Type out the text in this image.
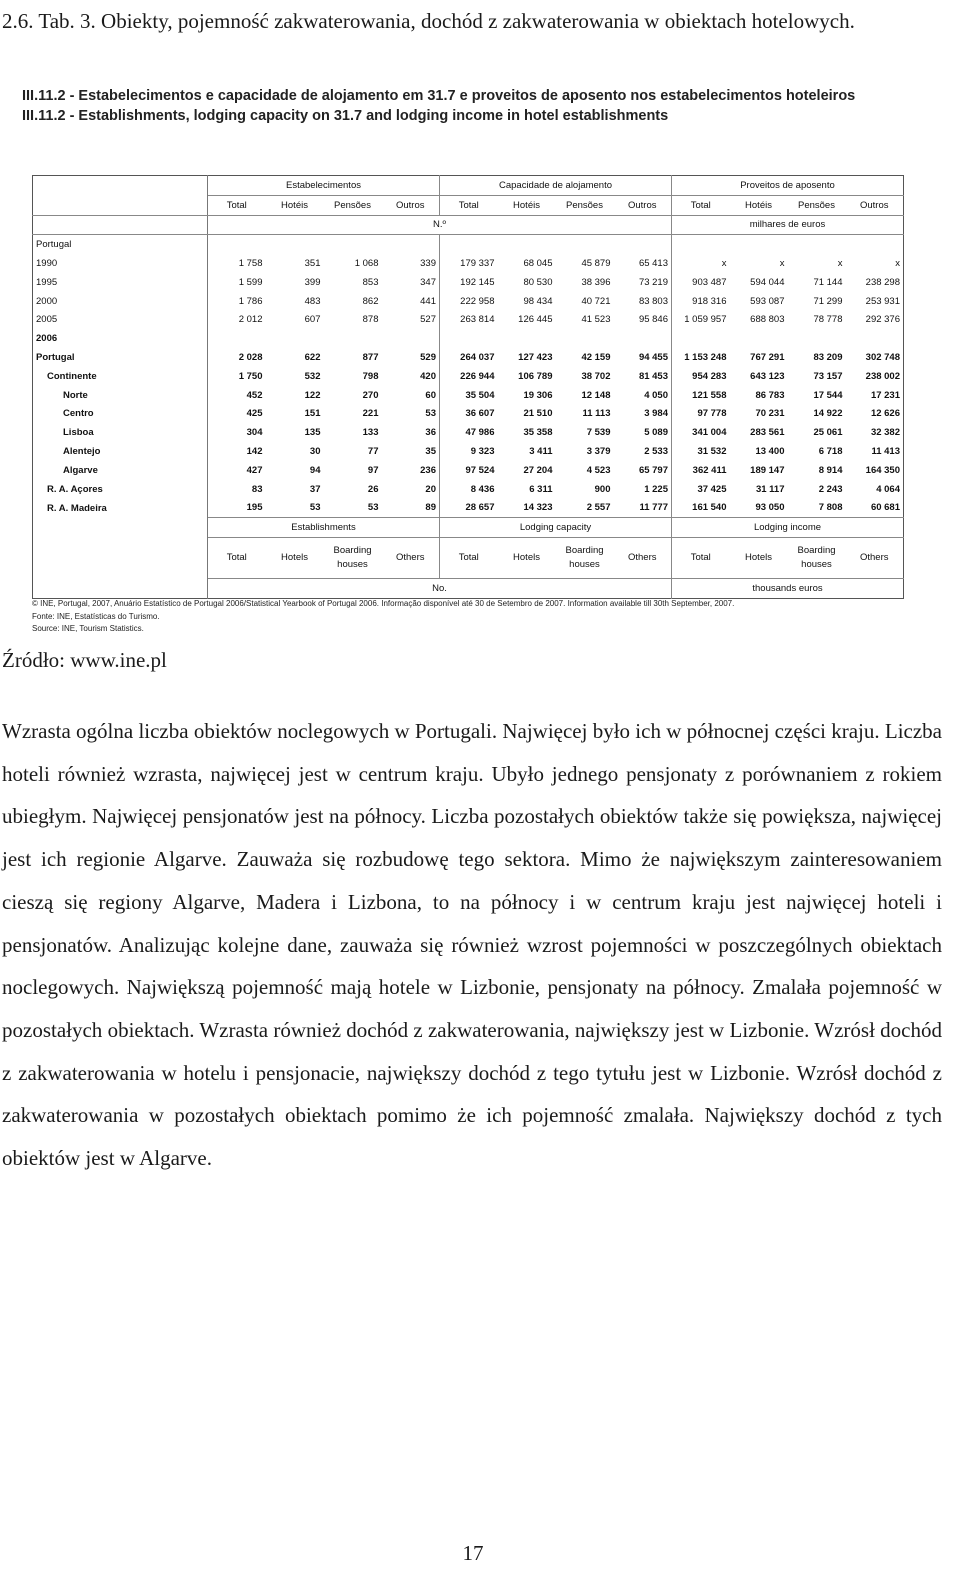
2.6. Tab. 3. Obiekty, pojemność zakwaterowania, dochód z zakwaterowania w obiektach hotelowych.
III.11.2 - Estabelecimentos e capacidade de alojamento em 31.7 e proveitos de aposento nos estabelecimentos hoteleiros
III.11.2 - Establishments, lodging capacity on 31.7 and lodging income in hotel establishments
	Estabelecimentos				Capacidade de alojamento				Proveitos de aposento			
	Total	Hotéis	Pensões	Outros	Total	Hotéis	Pensões	Outros	Total	Hotéis	Pensões	Outros
	N.º								milhares de euros			
Portugal												
1990	1 758	351	1 068	339	179 337	68 045	45 879	65 413	x	x	x	x
1995	1 599	399	853	347	192 145	80 530	38 396	73 219	903 487	594 044	71 144	238 298
2000	1 786	483	862	441	222 958	98 434	40 721	83 803	918 316	593 087	71 299	253 931
2005	2 012	607	878	527	263 814	126 445	41 523	95 846	1 059 957	688 803	78 778	292 376
2006												
Portugal	2 028	622	877	529	264 037	127 423	42 159	94 455	1 153 248	767 291	83 209	302 748
Continente	1 750	532	798	420	226 944	106 789	38 702	81 453	954 283	643 123	73 157	238 002
Norte	452	122	270	60	35 504	19 306	12 148	4 050	121 558	86 783	17 544	17 231
Centro	425	151	221	53	36 607	21 510	11 113	3 984	97 778	70 231	14 922	12 626
Lisboa	304	135	133	36	47 986	35 358	7 539	5 089	341 004	283 561	25 061	32 382
Alentejo	142	30	77	35	9 323	3 411	3 379	2 533	31 532	13 400	6 718	11 413
Algarve	427	94	97	236	97 524	27 204	4 523	65 797	362 411	189 147	8 914	164 350
R. A. Açores	83	37	26	20	8 436	6 311	900	1 225	37 425	31 117	2 243	4 064
R. A. Madeira	195	53	53	89	28 657	14 323	2 557	11 777	161 540	93 050	7 808	60 681
	Establishments				Lodging capacity				Lodging income			
	Total	Hotels	Boarding houses	Others	Total	Hotels	Boarding houses	Others	Total	Hotels	Boarding houses	Others
	No.								thousands euros			
© INE, Portugal, 2007, Anuário Estatístico de Portugal 2006/Statistical Yearbook of Portugal 2006. Informação disponível até 30 de Setembro de 2007. Information available till 30th September, 2007.
Fonte: INE, Estatísticas do Turismo.
Source: INE, Tourism Statistics.
Źródło: www.ine.pl
Wzrasta ogólna liczba obiektów noclegowych w Portugali. Najwięcej było ich w północnej części kraju. Liczba hoteli również wzrasta, najwięcej jest w centrum kraju. Ubyło jednego pensjonaty z porównaniem z rokiem ubiegłym. Najwięcej pensjonatów jest na północy. Liczba pozostałych obiektów także się powiększa, najwięcej jest ich regionie Algarve. Zauważa się rozbudowę tego sektora. Mimo że największym zainteresowaniem cieszą się regiony Algarve, Madera i Lizbona, to na północy i w centrum kraju jest najwięcej hoteli i pensjonatów. Analizując kolejne dane, zauważa się również wzrost pojemności w poszczególnych obiektach noclegowych. Największą pojemność mają hotele w Lizbonie, pensjonaty na północy. Zmalała pojemność w pozostałych obiektach. Wzrasta również dochód z zakwaterowania, największy jest w Lizbonie. Wzrósł dochód z zakwaterowania w hotelu i pensjonacie, największy dochód z tego tytułu jest w Lizbonie. Wzrósł dochód z zakwaterowania w pozostałych obiektach pomimo że ich pojemność zmalała. Największy dochód z tych obiektów jest w Algarve.
17
